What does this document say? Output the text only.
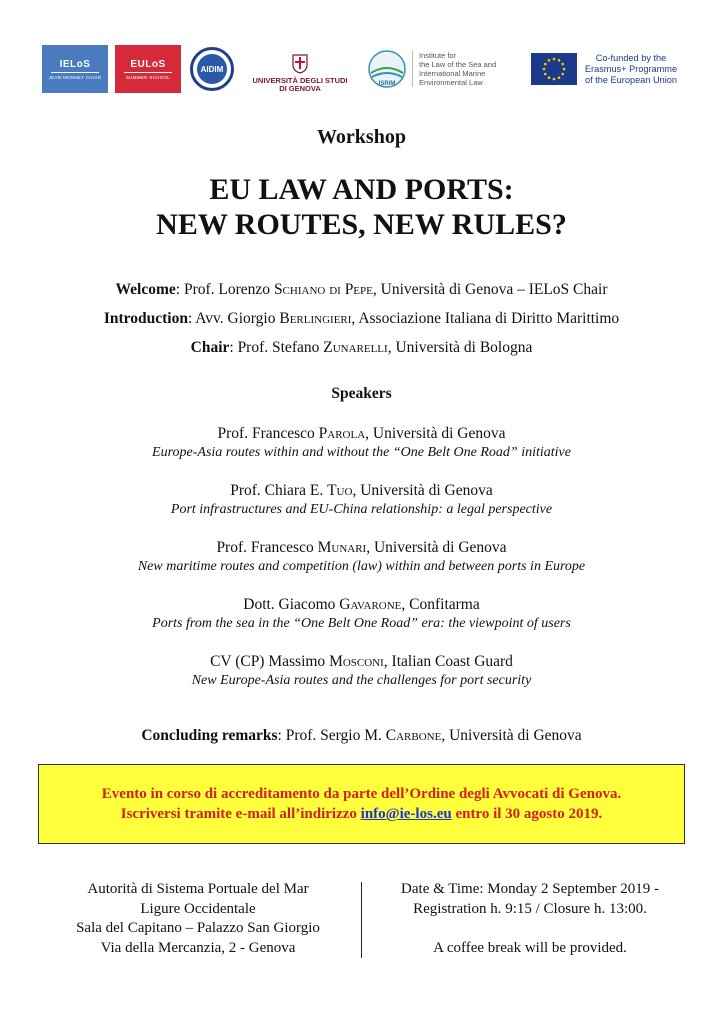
IELoS
JEAN MONNET CHAIR
EULoS
SUMMER SCHOOL
AIDIM
UNIVERSITÀ DEGLI STUDI
DI GENOVA	ISRIM
Institute for
the Law of the Sea and
International Marine
Environmental Law
Co-funded by the
Erasmus+ Programme
of the European Union
Workshop
EU LAW AND PORTS:
NEW ROUTES, NEW RULES?
Welcome: Prof. Lorenzo Schiano di Pepe, Università di Genova – IELoS Chair
Introduction: Avv. Giorgio Berlingieri, Associazione Italiana di Diritto Marittimo
Chair: Prof. Stefano Zunarelli, Università di Bologna
Speakers
Prof. Francesco Parola, Università di Genova
Europe-Asia routes within and without the “One Belt One Road” initiative
Prof. Chiara E. Tuo, Università di Genova
Port infrastructures and EU-China relationship: a legal perspective
Prof. Francesco Munari, Università di Genova
New maritime routes and competition (law) within and between ports in Europe
Dott. Giacomo Gavarone, Confitarma
Ports from the sea in the “One Belt One Road” era: the viewpoint of users
CV (CP) Massimo Mosconi, Italian Coast Guard
New Europe-Asia routes and the challenges for port security
Concluding remarks: Prof. Sergio M. Carbone, Università di Genova
Evento in corso di accreditamento da parte dell’Ordine degli Avvocati di Genova.
Iscriversi tramite e-mail all’indirizzo info@ie-los.eu entro il 30 agosto 2019.
Autorità di Sistema Portuale del Mar
Ligure Occidentale
Sala del Capitano – Palazzo San Giorgio
Via della Mercanzia, 2 - Genova
Date & Time: Monday 2 September 2019 -
Registration h. 9:15 / Closure h. 13:00.
A coffee break will be provided.
